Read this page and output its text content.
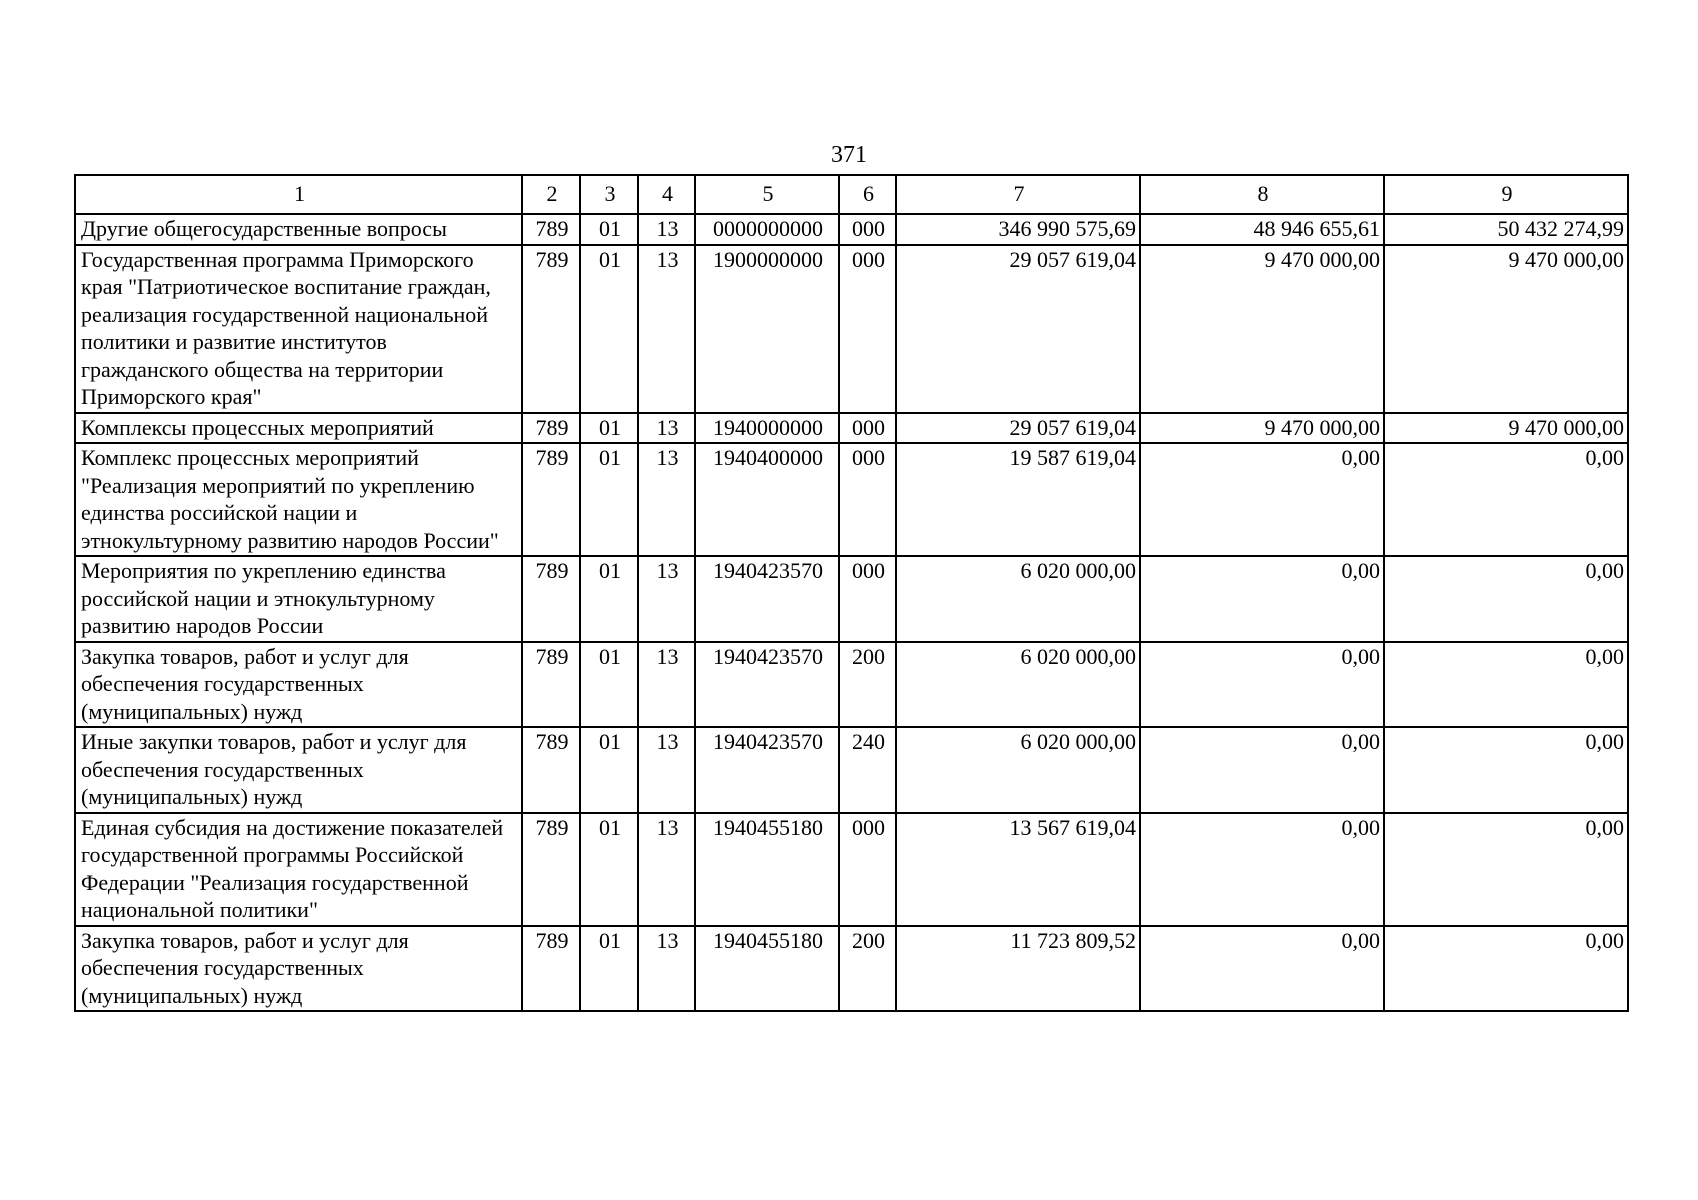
371
1	2	3	4	5	6	7	8	9
Другие общегосударственные вопросы	789	01	13	0000000000	000	346 990 575,69	48 946 655,61	50 432 274,99
Государственная программа Приморского края "Патриотическое воспитание граждан, реализация государственной национальной политики и развитие институтов гражданского общества на территории Приморского края"	789	01	13	1900000000	000	29 057 619,04	9 470 000,00	9 470 000,00
Комплексы процессных мероприятий	789	01	13	1940000000	000	29 057 619,04	9 470 000,00	9 470 000,00
Комплекс процессных мероприятий "Реализация мероприятий по укреплению единства российской нации и этнокультурному развитию народов России"	789	01	13	1940400000	000	19 587 619,04	0,00	0,00
Мероприятия по укреплению единства российской нации и этнокультурному развитию народов России	789	01	13	1940423570	000	6 020 000,00	0,00	0,00
Закупка товаров, работ и услуг для обеспечения государственных (муниципальных) нужд	789	01	13	1940423570	200	6 020 000,00	0,00	0,00
Иные закупки товаров, работ и услуг для обеспечения государственных (муниципальных) нужд	789	01	13	1940423570	240	6 020 000,00	0,00	0,00
Единая субсидия на достижение показателей государственной программы Российской Федерации "Реализация государственной национальной политики"	789	01	13	1940455180	000	13 567 619,04	0,00	0,00
Закупка товаров, работ и услуг для обеспечения государственных (муниципальных) нужд	789	01	13	1940455180	200	11 723 809,52	0,00	0,00
